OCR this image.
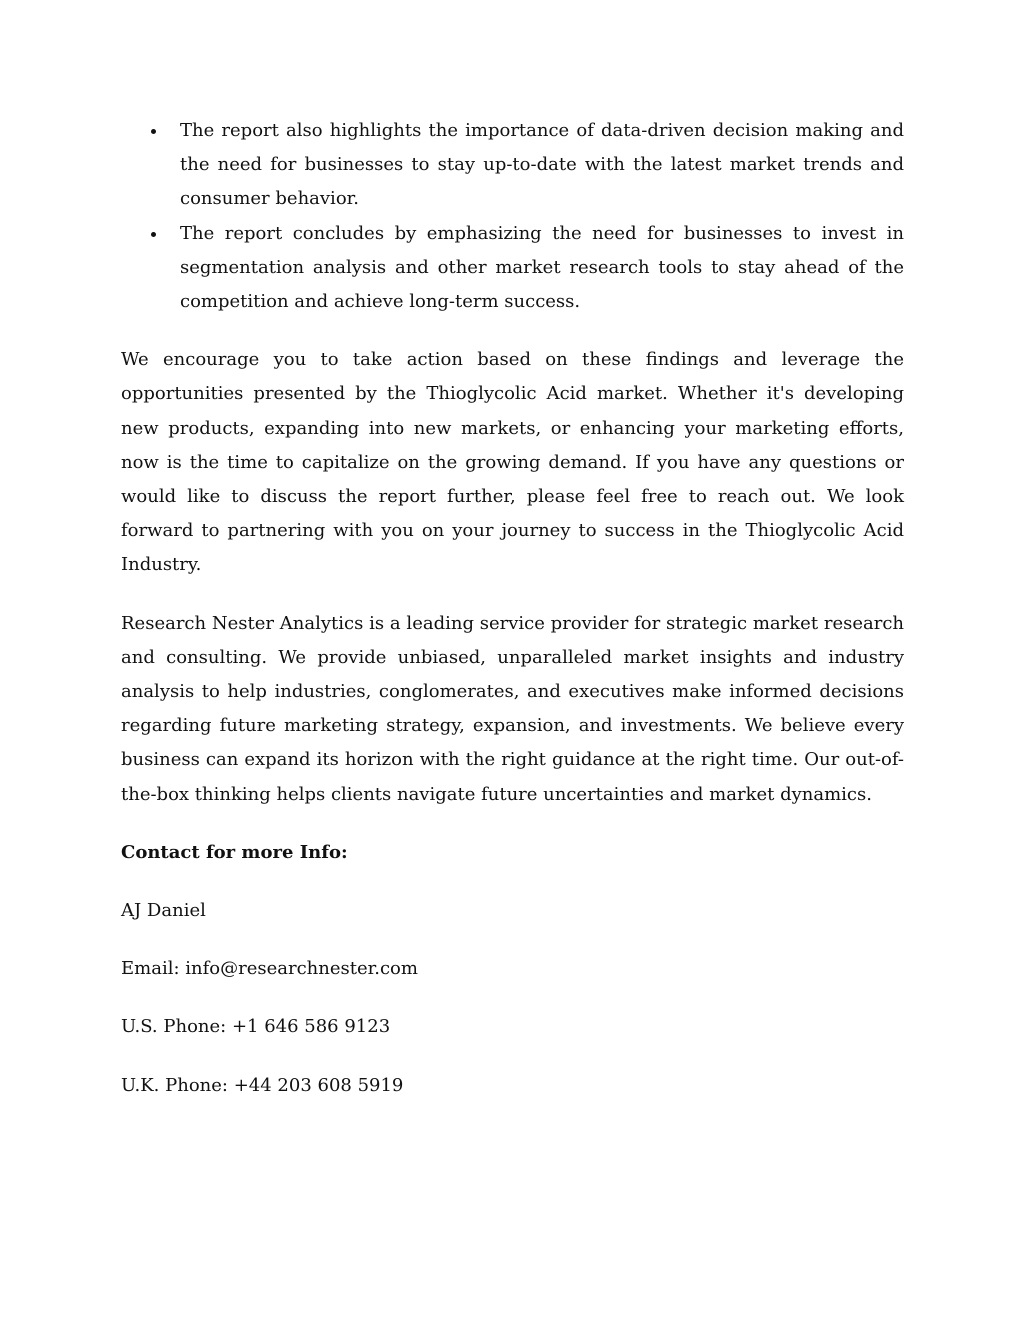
The report also highlights the importance of data-driven decision making and the need for businesses to stay up-to-date with the latest market trends and consumer behavior.
The report concludes by emphasizing the need for businesses to invest in segmentation analysis and other market research tools to stay ahead of the competition and achieve long-term success.

We encourage you to take action based on these findings and leverage the opportunities presented by the Thioglycolic Acid market. Whether it's developing new products, expanding into new markets, or enhancing your marketing efforts, now is the time to capitalize on the growing demand. If you have any questions or would like to discuss the report further, please feel free to reach out. We look forward to partnering with you on your journey to success in the Thioglycolic Acid Industry.

Research Nester Analytics is a leading service provider for strategic market research and consulting. We provide unbiased, unparalleled market insights and industry analysis to help industries, conglomerates, and executives make informed decisions regarding future marketing strategy, expansion, and investments. We believe every business can expand its horizon with the right guidance at the right time. Our out-of-the-box thinking helps clients navigate future uncertainties and market dynamics.

Contact for more Info:

AJ Daniel

Email: info@researchnester.com

U.S. Phone: +1 646 586 9123

U.K. Phone: +44 203 608 5919
